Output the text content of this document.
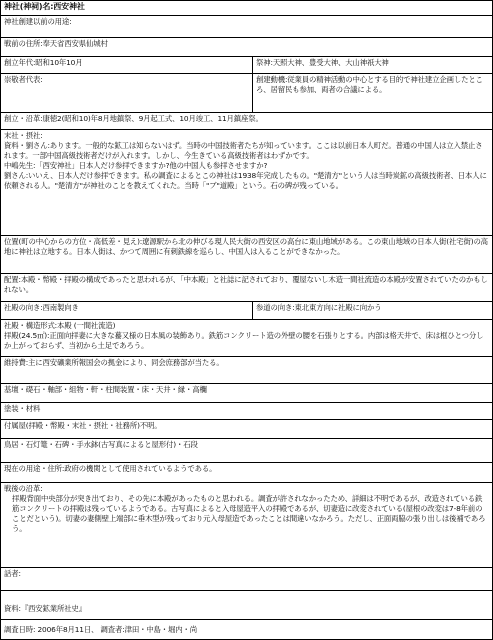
神社(神祠)名:西安神社
神社創建以前の用途:
戦前の住所:奉天省西安県仙城村
創立年代:昭和10年10月	祭神:天照大神、豊受大神、大山神祇大神
崇敬者代表:	創建動機:従業員の精神活動の中心とする目的で神社建立企画したところ、居留民も参加、両者の合議による。
創立・沿革:康徳2(昭和10)年8月地鎮祭、9月起工式、10月竣工、11月鎮座祭。
末社・摂社:
資料・劉さん:あります。一般的な鉱工は知らないはず。当時の中国技術者たちが知っています。ここは以前日本人町だ。普通の中国人は立入禁止されます。一部中国高級技術者だけが入れます。しかし、今生きている高級技術者はわずかです。
中嶋先生:「西安神社」日本人だけ参拝できますか?他の中国人も参拝させますか?
劉さん:いいえ、日本人だけ参拝できます。私の調査によるとこの神社は1938年完成したもの。"楚清方"という人は当時炭鉱の高級技術者、日本人に依頼される人。"楚清方"が神社のことを教えてくれた。当時「"ブ"道殿」という。石の碑が残っている。
位置(町の中心からの方位・高低差・見え):遼源駅から北の伸びる現人民大街の西安区の高台に東山地域がある。この東山地域の日本人街(社宅街)の高地に神社は立地する。日本人街は、かつて周囲に有刺鉄線を巡らし、中国人は入ることができなかった。
配置:本殿・幣殿・拝殿の構成であったと思われるが、「中本殿」と社誌に記されており、覆屋ないし木造一間社流造の本殿が安置されていたのかもしれない。
社殿の向き:西南製向き	参道の向き:東北東方向に社殿に向かう
社殿・構造形式:本殿 (一間社流造)
拝殿(24.5㎡):正面向拝妻に大きな蟇又様の日本風の装飾あり。鉄筋コンクリート造の外壁の腰を石張りとする。内部は格天井で、床は框ひとつ分しか上がっておらず、当初から土足であろう。
維持費:主に西安礦業所報国会の拠金により、同会庶務部が当たる。
基壇・礎石・軸部・組物・軒・柱間装置・床・天井・縁・高欄
塗装・材料
付属屋(拝殿・幣殿・末社・摂社・社務所)不明。
鳥居・石灯篭・石碑・手水鉢(古写真によると屋形付)・石段
現在の用途・住所:政府の機関として使用されているようである。
戦後の沿革:
拝殿背面中央部分が突き出ており、その先に本殿があったものと思われる。調査が許されなかったため、詳細は不明であるが、改造されている鉄筋コンクリートの拝殿は残っているようである。古写真によると入母屋造平入の拝殿であるが、切妻造に改変されている(屋根の改変は7-8年前のことだという)。切妻の妻側壁上端部に垂木型が残っており元入母屋造であったことは間違いなかろう。ただし、正面両脇の張り出しは後補であろう。
話者:
資料:『西安鉱業所社史』
調査日時: 2006年8月11日、 調査者:津田・中島・堀内・尚
